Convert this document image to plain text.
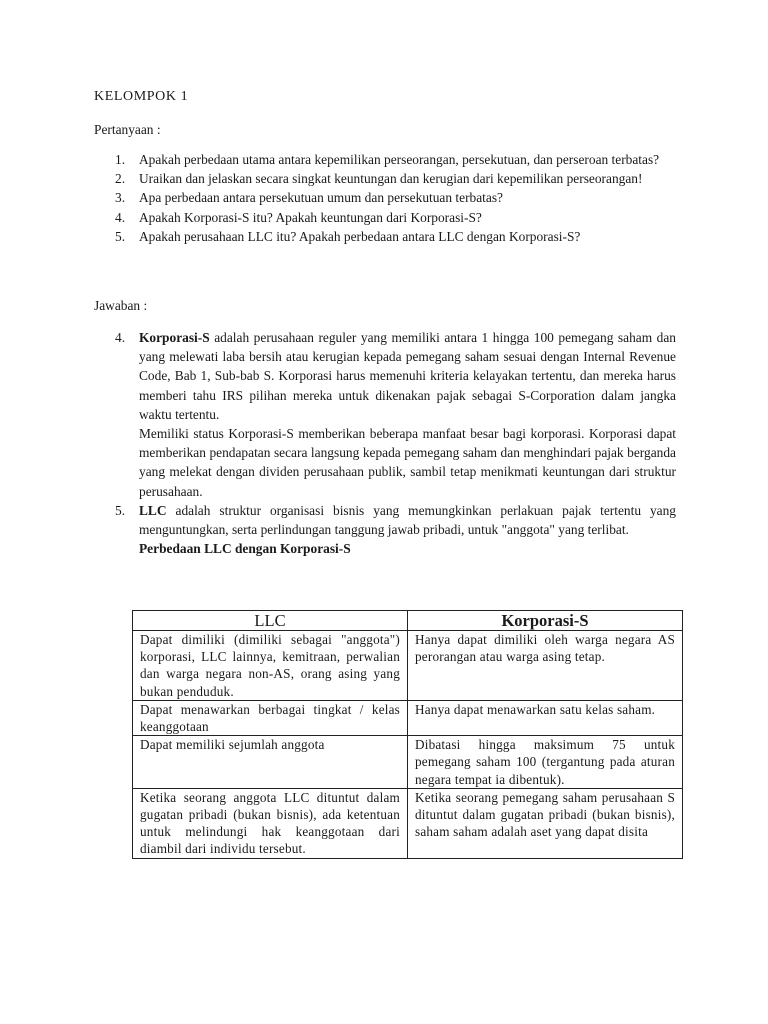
KELOMPOK 1

Pertanyaan :

1. Apakah perbedaan utama antara kepemilikan perseorangan, persekutuan, dan perseroan terbatas?
2. Uraikan dan jelaskan secara singkat keuntungan dan kerugian dari kepemilikan perseorangan!
3. Apa perbedaan antara persekutuan umum dan persekutuan terbatas?
4. Apakah Korporasi-S itu? Apakah keuntungan dari Korporasi-S?
5. Apakah perusahaan LLC itu? Apakah perbedaan antara LLC dengan Korporasi-S?

Jawaban :

4. Korporasi-S adalah perusahaan reguler yang memiliki antara 1 hingga 100 pemegang saham dan yang melewati laba bersih atau kerugian kepada pemegang saham sesuai dengan Internal Revenue Code, Bab 1, Sub-bab S. Korporasi harus memenuhi kriteria kelayakan tertentu, dan mereka harus memberi tahu IRS pilihan mereka untuk dikenakan pajak sebagai S-Corporation dalam jangka waktu tertentu.

Memiliki status Korporasi-S memberikan beberapa manfaat besar bagi korporasi. Korporasi dapat memberikan pendapatan secara langsung kepada pemegang saham dan menghindari pajak berganda yang melekat dengan dividen perusahaan publik, sambil tetap menikmati keuntungan dari struktur perusahaan.

5. LLC adalah struktur organisasi bisnis yang memungkinkan perlakuan pajak tertentu yang menguntungkan, serta perlindungan tanggung jawab pribadi, untuk "anggota" yang terlibat.

Perbedaan LLC dengan Korporasi-S

LLC	Korporasi-S
Dapat dimiliki (dimiliki sebagai "anggota") korporasi, LLC lainnya, kemitraan, perwalian dan warga negara non-AS, orang asing yang bukan penduduk.	Hanya dapat dimiliki oleh warga negara AS perorangan atau warga asing tetap.
Dapat menawarkan berbagai tingkat / kelas keanggotaan	Hanya dapat menawarkan satu kelas saham.
Dapat memiliki sejumlah anggota	Dibatasi hingga maksimum 75 untuk pemegang saham 100 (tergantung pada aturan negara tempat ia dibentuk).
Ketika seorang anggota LLC dituntut dalam gugatan pribadi (bukan bisnis), ada ketentuan untuk melindungi hak keanggotaan dari diambil dari individu tersebut.	Ketika seorang pemegang saham perusahaan S dituntut dalam gugatan pribadi (bukan bisnis), saham saham adalah aset yang dapat disita
